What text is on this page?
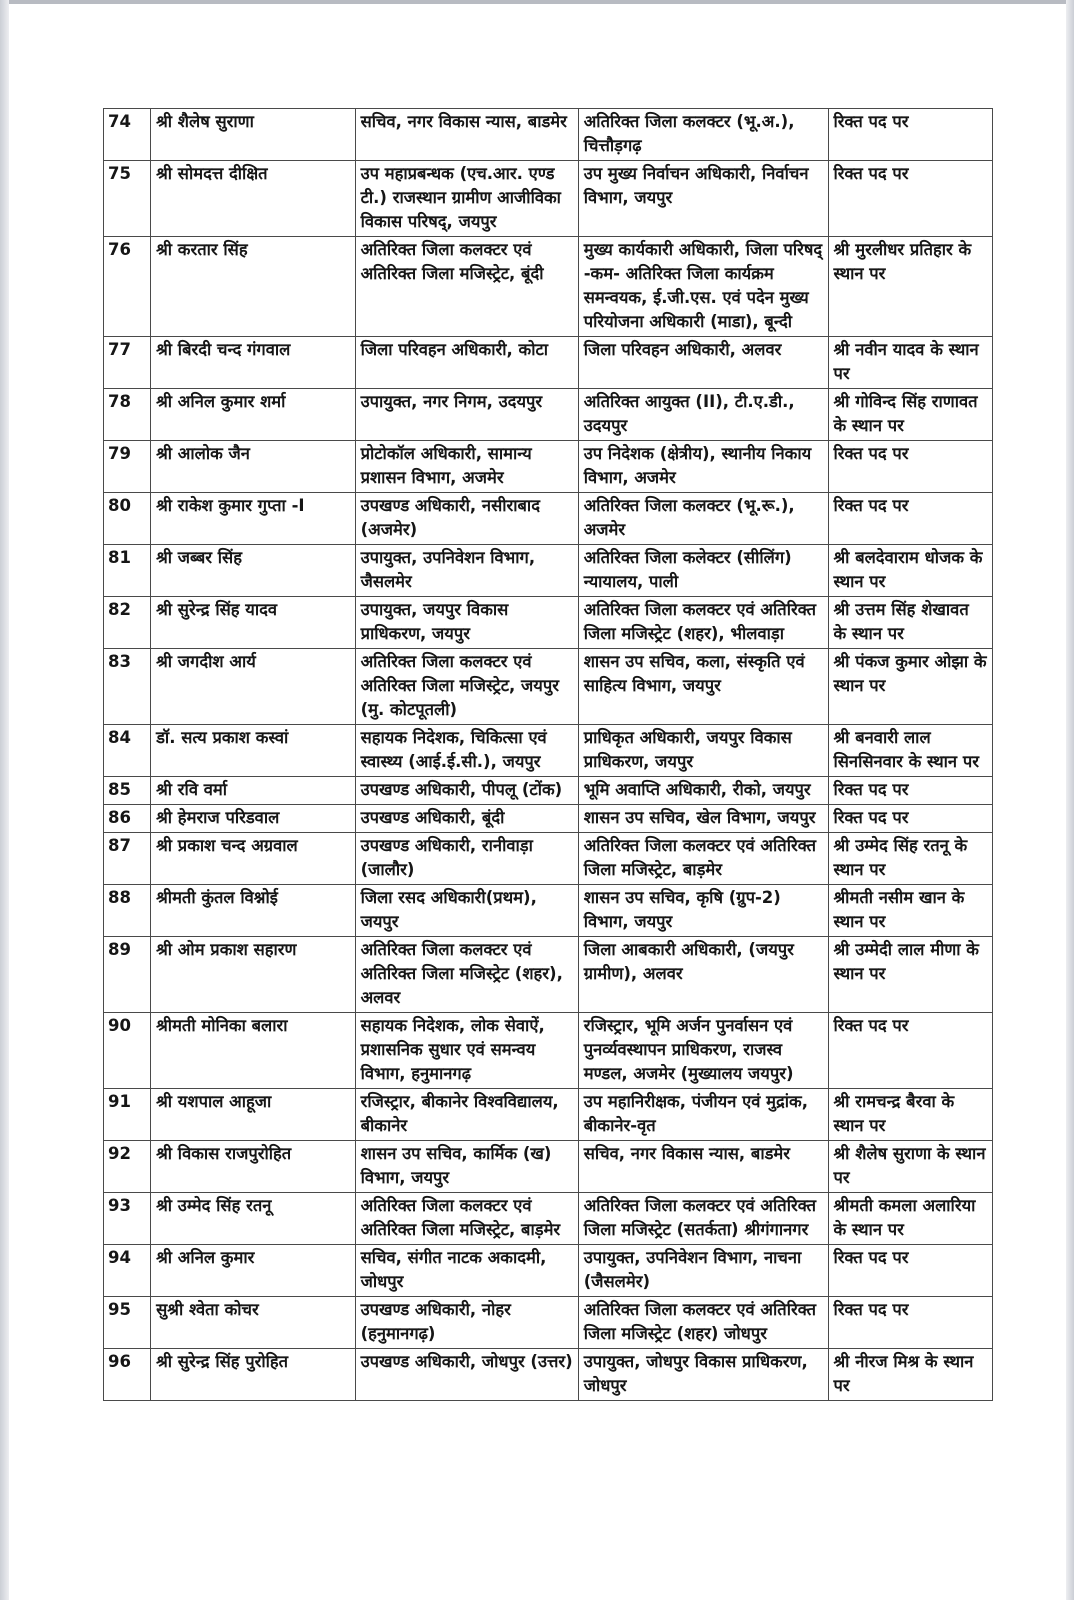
74	श्री शैलेष सुराणा	सचिव, नगर विकास न्यास, बाडमेर	अतिरिक्त जिला कलक्टर (भू.अ.), चित्तौड़गढ़	रिक्त पद पर
75	श्री सोमदत्त दीक्षित	उप महाप्रबन्धक (एच.आर. एण्ड टी.) राजस्थान ग्रामीण आजीविका विकास परिषद्, जयपुर	उप मुख्य निर्वाचन अधिकारी, निर्वाचन विभाग, जयपुर	रिक्त पद पर
76	श्री करतार सिंह	अतिरिक्त जिला कलक्टर एवं अतिरिक्त जिला मजिस्ट्रेट, बूंदी	मुख्य कार्यकारी अधिकारी, जिला परिषद् -कम- अतिरिक्त जिला कार्यक्रम समन्वयक, ई.जी.एस. एवं पदेन मुख्य परियोजना अधिकारी (माडा), बून्दी	श्री मुरलीधर प्रतिहार के स्थान पर
77	श्री बिरदी चन्द गंगवाल	जिला परिवहन अधिकारी, कोटा	जिला परिवहन अधिकारी, अलवर	श्री नवीन यादव के स्थान पर
78	श्री अनिल कुमार शर्मा	उपायुक्त, नगर निगम, उदयपुर	अतिरिक्त आयुक्त (II), टी.ए.डी., उदयपुर	श्री गोविन्द सिंह राणावत के स्थान पर
79	श्री आलोक जैन	प्रोटोकॉल अधिकारी, सामान्य प्रशासन विभाग, अजमेर	उप निदेशक (क्षेत्रीय), स्थानीय निकाय विभाग, अजमेर	रिक्त पद पर
80	श्री राकेश कुमार गुप्ता -I	उपखण्ड अधिकारी, नसीराबाद (अजमेर)	अतिरिक्त जिला कलक्टर (भू.रू.), अजमेर	रिक्त पद पर
81	श्री जब्बर सिंह	उपायुक्त, उपनिवेशन विभाग, जैसलमेर	अतिरिक्त जिला कलेक्टर (सीलिंग) न्यायालय, पाली	श्री बलदेवाराम धोजक के स्थान पर
82	श्री सुरेन्द्र सिंह यादव	उपायुक्त, जयपुर विकास प्राधिकरण, जयपुर	अतिरिक्त जिला कलक्टर एवं अतिरिक्त जिला मजिस्ट्रेट (शहर), भीलवाड़ा	श्री उत्तम सिंह शेखावत के स्थान पर
83	श्री जगदीश आर्य	अतिरिक्त जिला कलक्टर एवं अतिरिक्त जिला मजिस्ट्रेट, जयपुर (मु. कोटपूतली)	शासन उप सचिव, कला, संस्कृति एवं साहित्य विभाग, जयपुर	श्री पंकज कुमार ओझा के स्थान पर
84	डॉ. सत्य प्रकाश कस्वां	सहायक निदेशक, चिकित्सा एवं स्वास्थ्य (आई.ई.सी.), जयपुर	प्राधिकृत अधिकारी, जयपुर विकास प्राधिकरण, जयपुर	श्री बनवारी लाल सिनसिनवार के स्थान पर
85	श्री रवि वर्मा	उपखण्ड अधिकारी, पीपलू (टोंक)	भूमि अवाप्ति अधिकारी, रीको, जयपुर	रिक्त पद पर
86	श्री हेमराज परिडवाल	उपखण्ड अधिकारी, बूंदी	शासन उप सचिव, खेल विभाग, जयपुर	रिक्त पद पर
87	श्री प्रकाश चन्द अग्रवाल	उपखण्ड अधिकारी, रानीवाड़ा (जालौर)	अतिरिक्त जिला कलक्टर एवं अतिरिक्त जिला मजिस्ट्रेट, बाड़मेर	श्री उम्मेद सिंह रतनू के स्थान पर
88	श्रीमती कुंतल विश्नोई	जिला रसद अधिकारी(प्रथम), जयपुर	शासन उप सचिव, कृषि (ग्रुप-2) विभाग, जयपुर	श्रीमती नसीम खान के स्थान पर
89	श्री ओम प्रकाश सहारण	अतिरिक्त जिला कलक्टर एवं अतिरिक्त जिला मजिस्ट्रेट (शहर), अलवर	जिला आबकारी अधिकारी, (जयपुर ग्रामीण), अलवर	श्री उम्मेदी लाल मीणा के स्थान पर
90	श्रीमती मोनिका बलारा	सहायक निदेशक, लोक सेवाऐं, प्रशासनिक सुधार एवं समन्वय विभाग, हनुमानगढ़	रजिस्ट्रार, भूमि अर्जन पुनर्वासन एवं पुनर्व्यवस्थापन प्राधिकरण, राजस्व मण्डल, अजमेर (मुख्यालय जयपुर)	रिक्त पद पर
91	श्री यशपाल आहूजा	रजिस्ट्रार, बीकानेर विश्वविद्यालय, बीकानेर	उप महानिरीक्षक, पंजीयन एवं मुद्रांक, बीकानेर-वृत	श्री रामचन्द्र बैरवा के स्थान पर
92	श्री विकास राजपुरोहित	शासन उप सचिव, कार्मिक (ख) विभाग, जयपुर	सचिव, नगर विकास न्यास, बाडमेर	श्री शैलेष सुराणा के स्थान पर
93	श्री उम्मेद सिंह रतनू	अतिरिक्त जिला कलक्टर एवं अतिरिक्त जिला मजिस्ट्रेट, बाड़मेर	अतिरिक्त जिला कलक्टर एवं अतिरिक्त जिला मजिस्ट्रेट (सतर्कता) श्रीगंगानगर	श्रीमती कमला अलारिया के स्थान पर
94	श्री अनिल कुमार	सचिव, संगीत नाटक अकादमी, जोधपुर	उपायुक्त, उपनिवेशन विभाग, नाचना (जैसलमेर)	रिक्त पद पर
95	सुश्री श्वेता कोचर	उपखण्ड अधिकारी, नोहर (हनुमानगढ़)	अतिरिक्त जिला कलक्टर एवं अतिरिक्त जिला मजिस्ट्रेट (शहर) जोधपुर	रिक्त पद पर
96	श्री सुरेन्द्र सिंह पुरोहित	उपखण्ड अधिकारी, जोधपुर (उत्तर)	उपायुक्त, जोधपुर विकास प्राधिकरण, जोधपुर	श्री नीरज मिश्र के स्थान पर
